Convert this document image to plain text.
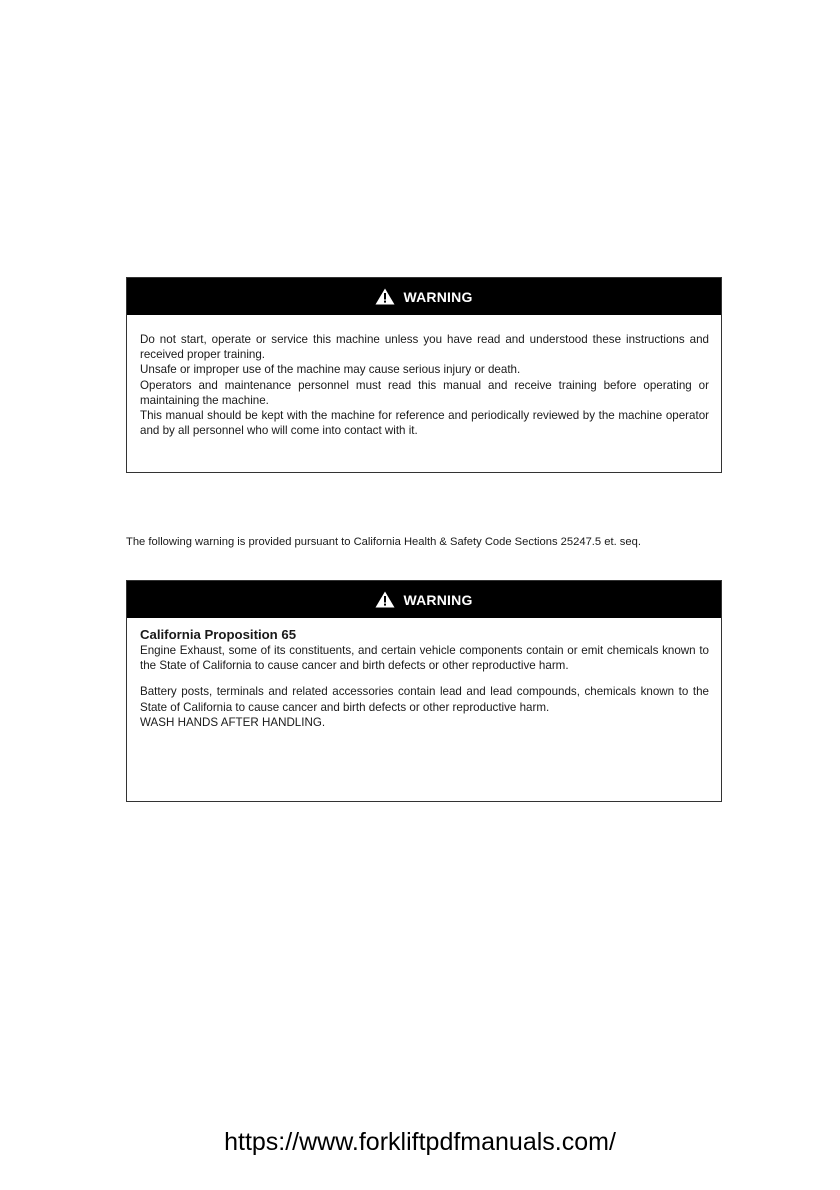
WARNING

Do not start, operate or service this machine unless you have read and understood these instructions and received proper training.

Unsafe or improper use of the machine may cause serious injury or death.

Operators and maintenance personnel must read this manual and receive training before operating or maintaining the machine.

This manual should be kept with the machine for reference and periodically reviewed by the machine operator and by all personnel who will come into contact with it.

The following warning is provided pursuant to California Health & Safety Code Sections 25247.5 et. seq.

WARNING

California Proposition 65

Engine Exhaust, some of its constituents, and certain vehicle components contain or emit chemicals known to the State of California to cause cancer and birth defects or other reproductive harm.

Battery posts, terminals and related accessories contain lead and lead compounds, chemicals known to the State of California to cause cancer and birth defects or other reproductive harm.

WASH HANDS AFTER HANDLING.

https://www.forkliftpdfmanuals.com/
